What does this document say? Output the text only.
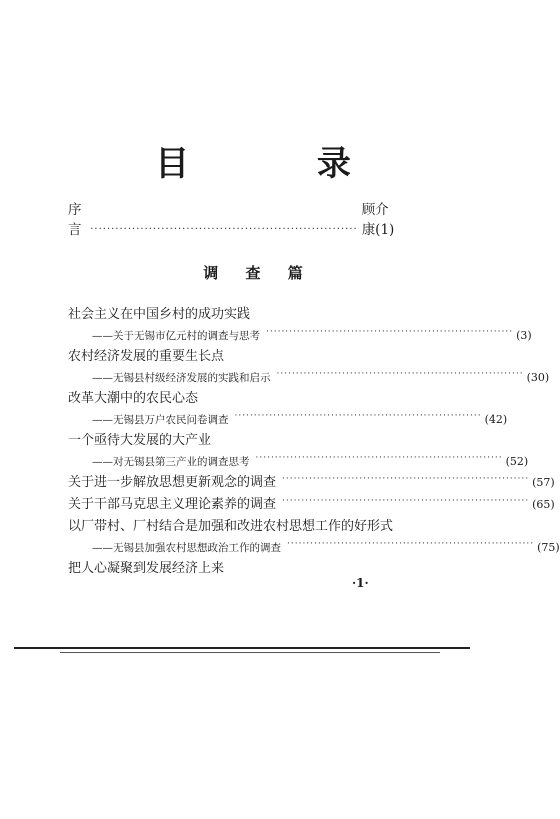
目 录
序言 ································································
顾介康(1)
调 查 篇
社会主义在中国乡村的成功实践
——关于无锡市亿元村的调查与思考 ································································ (3)
农村经济发展的重要生长点
——无锡县村级经济发展的实践和启示 ································································ (30)
改革大潮中的农民心态
——无锡县万户农民问卷调查 ································································ (42)
一个亟待大发展的大产业
——对无锡县第三产业的调查思考 ································································ (52)
关于进一步解放思想更新观念的调查 ································································ (57)
关于干部马克思主义理论素养的调查 ································································ (65)
以厂带村、厂村结合是加强和改进农村思想工作的好形式
——无锡县加强农村思想政治工作的调查 ································································ (75)
把人心凝聚到发展经济上来
·1·
